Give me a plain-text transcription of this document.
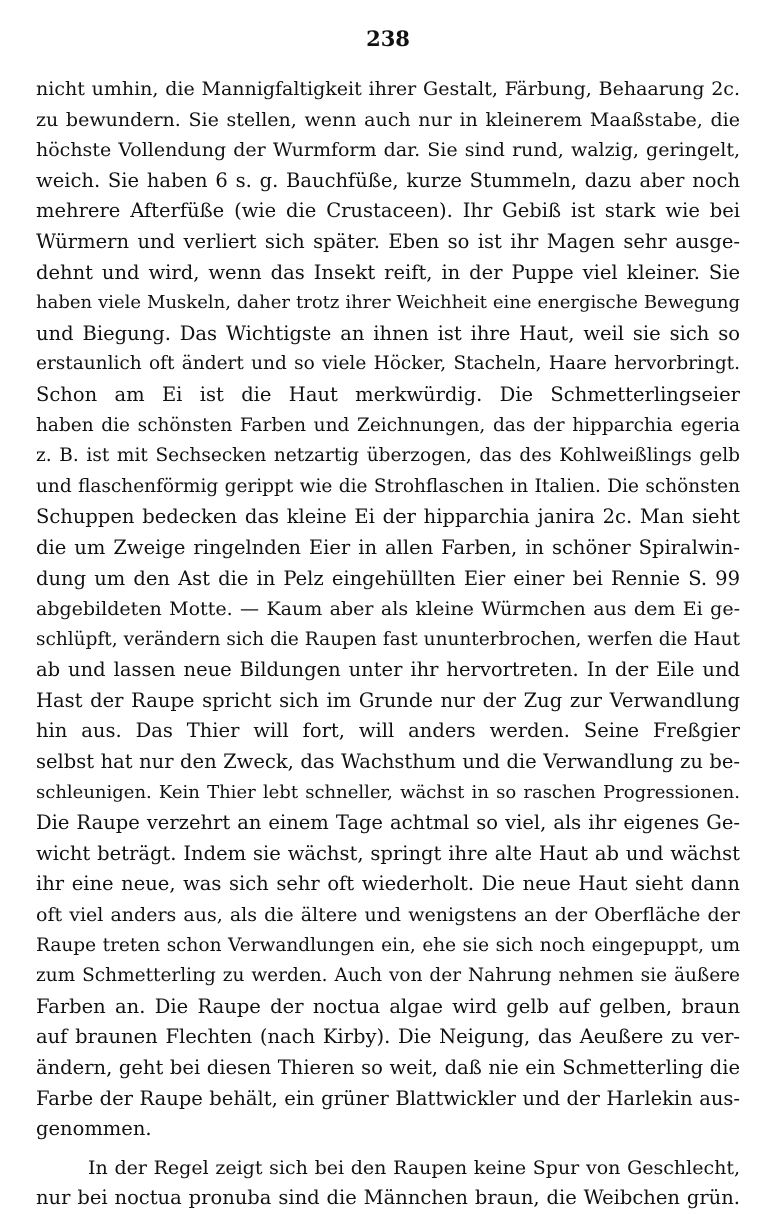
238
nicht umhin, die Mannigfaltigkeit ihrer Gestalt, Färbung, Behaarung 2c.
zu bewundern. Sie stellen, wenn auch nur in kleinerem Maaßstabe, die
höchste Vollendung der Wurmform dar. Sie sind rund, walzig, geringelt,
weich. Sie haben 6 s. g. Bauchfüße, kurze Stummeln, dazu aber noch
mehrere Afterfüße (wie die Crustaceen). Ihr Gebiß ist stark wie bei
Würmern und verliert sich später. Eben so ist ihr Magen sehr ausge-
dehnt und wird, wenn das Insekt reift, in der Puppe viel kleiner. Sie
haben viele Muskeln, daher trotz ihrer Weichheit eine energische Bewegung
und Biegung. Das Wichtigste an ihnen ist ihre Haut, weil sie sich so
erstaunlich oft ändert und so viele Höcker, Stacheln, Haare hervorbringt.
Schon am Ei ist die Haut merkwürdig. Die Schmetterlingseier
haben die schönsten Farben und Zeichnungen, das der hipparchia egeria
z. B. ist mit Sechsecken netzartig überzogen, das des Kohlweißlings gelb
und flaschenförmig gerippt wie die Strohflaschen in Italien. Die schönsten
Schuppen bedecken das kleine Ei der hipparchia janira 2c. Man sieht
die um Zweige ringelnden Eier in allen Farben, in schöner Spiralwin-
dung um den Ast die in Pelz eingehüllten Eier einer bei Rennie S. 99
abgebildeten Motte. — Kaum aber als kleine Würmchen aus dem Ei ge-
schlüpft, verändern sich die Raupen fast ununterbrochen, werfen die Haut
ab und lassen neue Bildungen unter ihr hervortreten. In der Eile und
Hast der Raupe spricht sich im Grunde nur der Zug zur Verwandlung
hin aus. Das Thier will fort, will anders werden. Seine Freßgier
selbst hat nur den Zweck, das Wachsthum und die Verwandlung zu be-
schleunigen. Kein Thier lebt schneller, wächst in so raschen Progressionen.
Die Raupe verzehrt an einem Tage achtmal so viel, als ihr eigenes Ge-
wicht beträgt. Indem sie wächst, springt ihre alte Haut ab und wächst
ihr eine neue, was sich sehr oft wiederholt. Die neue Haut sieht dann
oft viel anders aus, als die ältere und wenigstens an der Oberfläche der
Raupe treten schon Verwandlungen ein, ehe sie sich noch eingepuppt, um
zum Schmetterling zu werden. Auch von der Nahrung nehmen sie äußere
Farben an. Die Raupe der noctua algae wird gelb auf gelben, braun
auf braunen Flechten (nach Kirby). Die Neigung, das Aeußere zu ver-
ändern, geht bei diesen Thieren so weit, daß nie ein Schmetterling die
Farbe der Raupe behält, ein grüner Blattwickler und der Harlekin aus-
genommen.
In der Regel zeigt sich bei den Raupen keine Spur von Geschlecht,
nur bei noctua pronuba sind die Männchen braun, die Weibchen grün.
